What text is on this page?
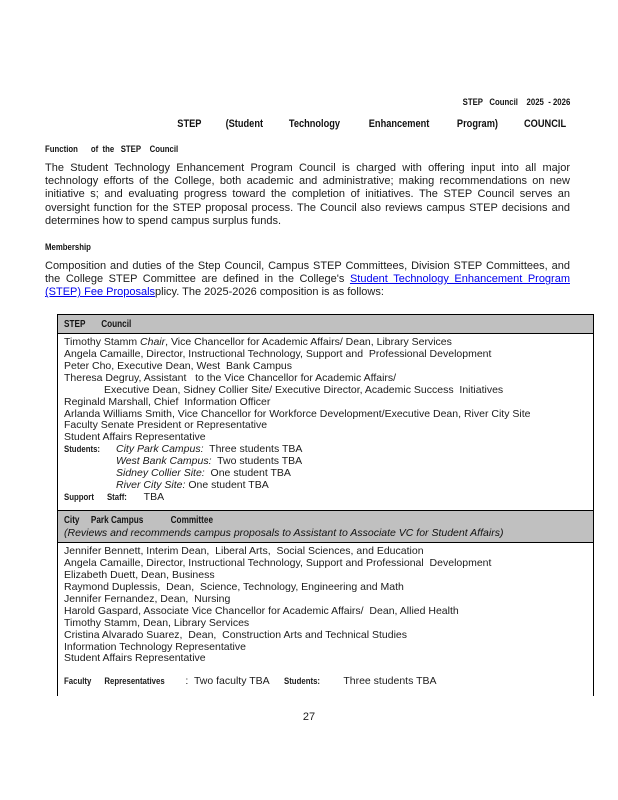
STEP   Council    2025  - 2026
STEP (Student Technology	Enhancement	Program) COUNCIL
Function      of  the   STEP    Council

The Student Technology Enhancement Program Council is charged with offering input into all major technology efforts of the College, both academic and administrative; making recommendations on new initiative s; and evaluating progress toward the completion of initiatives. The STEP Council serves an oversight function for the STEP proposal process. The Council also reviews campus STEP decisions and determines how to spend campus surplus funds.

Membership

Composition and duties of the Step Council, Campus STEP Committees, Division STEP Committees, and the College STEP Committee are defined in the College's Student Technology Enhancement Program (STEP) Fee Proposalsplicy. The 2025-2026 composition is as follows:

STEP       Council
Timothy Stamm Chair, Vice Chancellor for Academic Affairs/ Dean, Library Services
Angela Camaille, Director, Instructional Technology, Support and  Professional Development
Peter Cho, Executive Dean, West  Bank Campus
Theresa Degruy, Assistant   to the Vice Chancellor for Academic Affairs/
Executive Dean, Sidney Collier Site/ Executive Director, Academic Success  Initiatives
Reginald Marshall, Chief  Information Officer
Arlanda Williams Smith, Vice Chancellor for Workforce Development/Executive Dean, River City Site
Faculty Senate President or Representative
Student Affairs Representative
Students: City Park Campus:  Three students TBA
West Bank Campus:  Two students TBA
Sidney Collier Site:  One student TBA
River City Site: One student TBA
Support      Staff:  TBA
City     Park Campus            Committee
(Reviews and recommends campus proposals to Assistant to Associate VC for Student Affairs)
Jennifer Bennett, Interim Dean,  Liberal Arts,  Social Sciences, and Education
Angela Camaille, Director, Instructional Technology, Support and Professional  Development
Elizabeth Duett, Dean, Business
Raymond Duplessis,  Dean,  Science, Technology, Engineering and Math
Jennifer Fernandez, Dean,  Nursing
Harold Gaspard, Associate Vice Chancellor for Academic Affairs/  Dean, Allied Health
Timothy Stamm, Dean, Library Services
Cristina Alvarado Suarez,  Dean,  Construction Arts and Technical Studies
Information Technology Representative
Student Affairs Representative
Faculty      Representatives :  Two faculty TBA     Students:      Three students TBA
27
